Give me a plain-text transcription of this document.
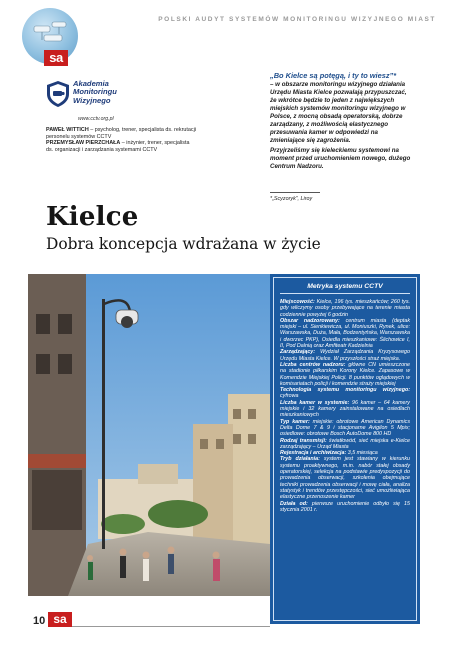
sa
POLSKI AUDYT SYSTEMÓW MONITORINGU WIZYJNEGO MIAST
Akademia
Monitoringu
Wizyjnego
www.cctv.org.pl
PAWEŁ WITTICH – psycholog, trener, specjalista ds. rekrutacji personelu systemów CCTV
PRZEMYSŁAW PIERZCHAŁA – inżynier, trener, specjalista ds. organizacji i zarządzania systemami CCTV
„Bo Kielce są potęgą, i ty to wiesz”*

– w obszarze monitoringu wizyjnego działania Urzędu Miasta Kielce pozwalają przypuszczać, że wkrótce będzie to jeden z największych miejskich systemów monitoringu wizyjnego w Polsce, z mocną obsadą operatorską, dobrze zarządzany, z możliwością elastycznego przesuwania kamer w odpowiedzi na zmieniające się zagrożenia.

Przyjrzeliśmy się kieleckiemu systemowi na moment przed uruchomieniem nowego, dużego Centrum Nadzoru.

*„Scyzoryk”, Liroy
Kielce
Dobra koncepcja wdrażana w życie
Metryka systemu CCTV
Miejscowość: Kielce, 196 tys. mieszkańców; 260 tys. gdy wliczymy osoby przebywające na terenie miasta codziennie powyżej 6 godzin
Obszar nadzorowany: centrum miasta (deptak miejski – ul. Sienkiewicza, ul. Moniuszki, Rynek, ulice: Warszawska, Duża, Mała, Bodzentyńska, Warszawska i dworzec PKP), Osiedla mieszkaniowe: Ślichowice I, II, Pod Dalnią oraz Amfiteatr Kadzielnia
Zarządzający: Wydział Zarządzania Kryzysowego Urzędu Miasta Kielce. W przyszłości straż miejska.
Liczba centrów nadzoru: główne CN umieszczone na stadionie piłkarskim Korony Kielce. Zapasowe w Komendzie Miejskiej Policji. 8 punktów oglądowych w komisariatach policji i komendzie straży miejskiej
Technologia systemu monitoringu wizyjnego: cyfrowa
Liczba kamer w systemie: 96 kamer – 64 kamery miejskie i 32 kamery zainstalowane na osiedlach mieszkaniowych
Typ kamer: miejskie: obrotowe American Dynamics Delta Dome 7 & 9 i stacjonarne Avigilon 5 Mpix; osiedlowe: obrotowe Bosch AutoDome 800 HD
Rodzaj transmisji: światłowód, sieć miejska e-Kielce zarządzający – Urząd Miasta
Rejestracja i archiwizacja: 3,5 miesiąca
Tryb działania: system jest stawiany w kierunku systemu proaktywnego, m.in. nabór stałej obsady operatorskiej, selekcja na podstawie predyspozycji do prowadzenia obserwacji, szkolenia obejmujące techniki prowadzenia obserwacji i mowę ciała, analiza statystyk i trendów przestępczości, sieć umożliwiająca elastyczne przenoszenie kamer
Działa od: pierwsze uruchomienie odbyło się 15 stycznia 2001 r.
10 sa
